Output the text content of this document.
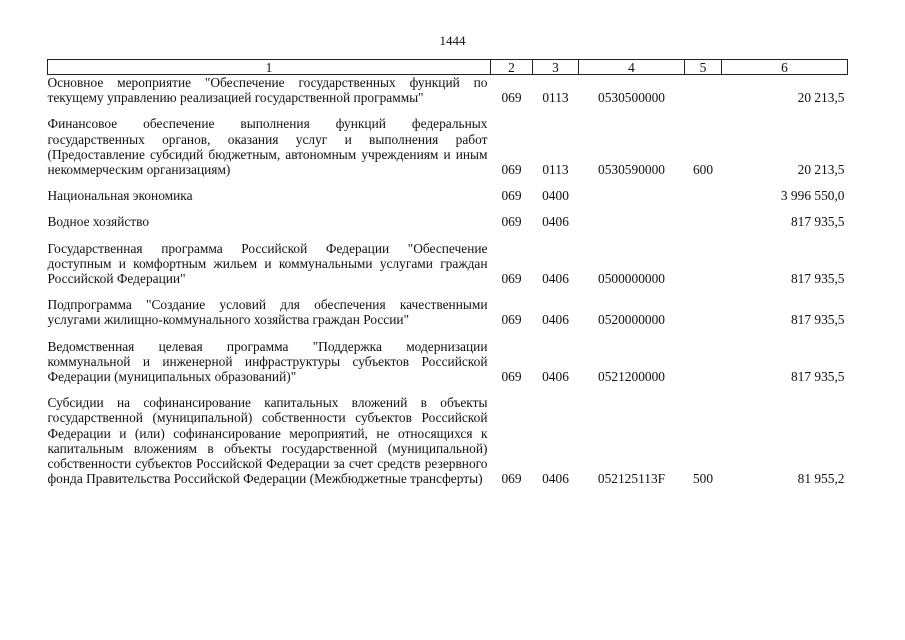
1444
1	2	3	4	5	6
Основное мероприятие "Обеспечение государственных функций по текущему управлению реализацией государственной программы"	069	0113	0530500000		20 213,5
Финансовое обеспечение выполнения функций федеральных государственных органов, оказания услуг и выполнения работ (Предоставление субсидий бюджетным, автономным учреждениям и иным некоммерческим организациям)	069	0113	0530590000	600	20 213,5
Национальная экономика	069	0400			3 996 550,0
Водное хозяйство	069	0406			817 935,5
Государственная программа Российской Федерации "Обеспечение доступным и комфортным жильем и коммунальными услугами граждан Российской Федерации"	069	0406	0500000000		817 935,5
Подпрограмма "Создание условий для обеспечения качественными услугами жилищно-коммунального хозяйства граждан России"	069	0406	0520000000		817 935,5
Ведомственная целевая программа "Поддержка модернизации коммунальной и инженерной инфраструктуры субъектов Российской Федерации (муниципальных образований)"	069	0406	0521200000		817 935,5
Субсидии на софинансирование капитальных вложений в объекты государственной (муниципальной) собственности субъектов Российской Федерации и (или) софинансирование мероприятий, не относящихся к капитальным вложениям в объекты государственной (муниципальной) собственности субъектов Российской Федерации за счет средств резервного фонда Правительства Российской Федерации (Межбюджетные трансферты)	069	0406	052125113F	500	81 955,2
